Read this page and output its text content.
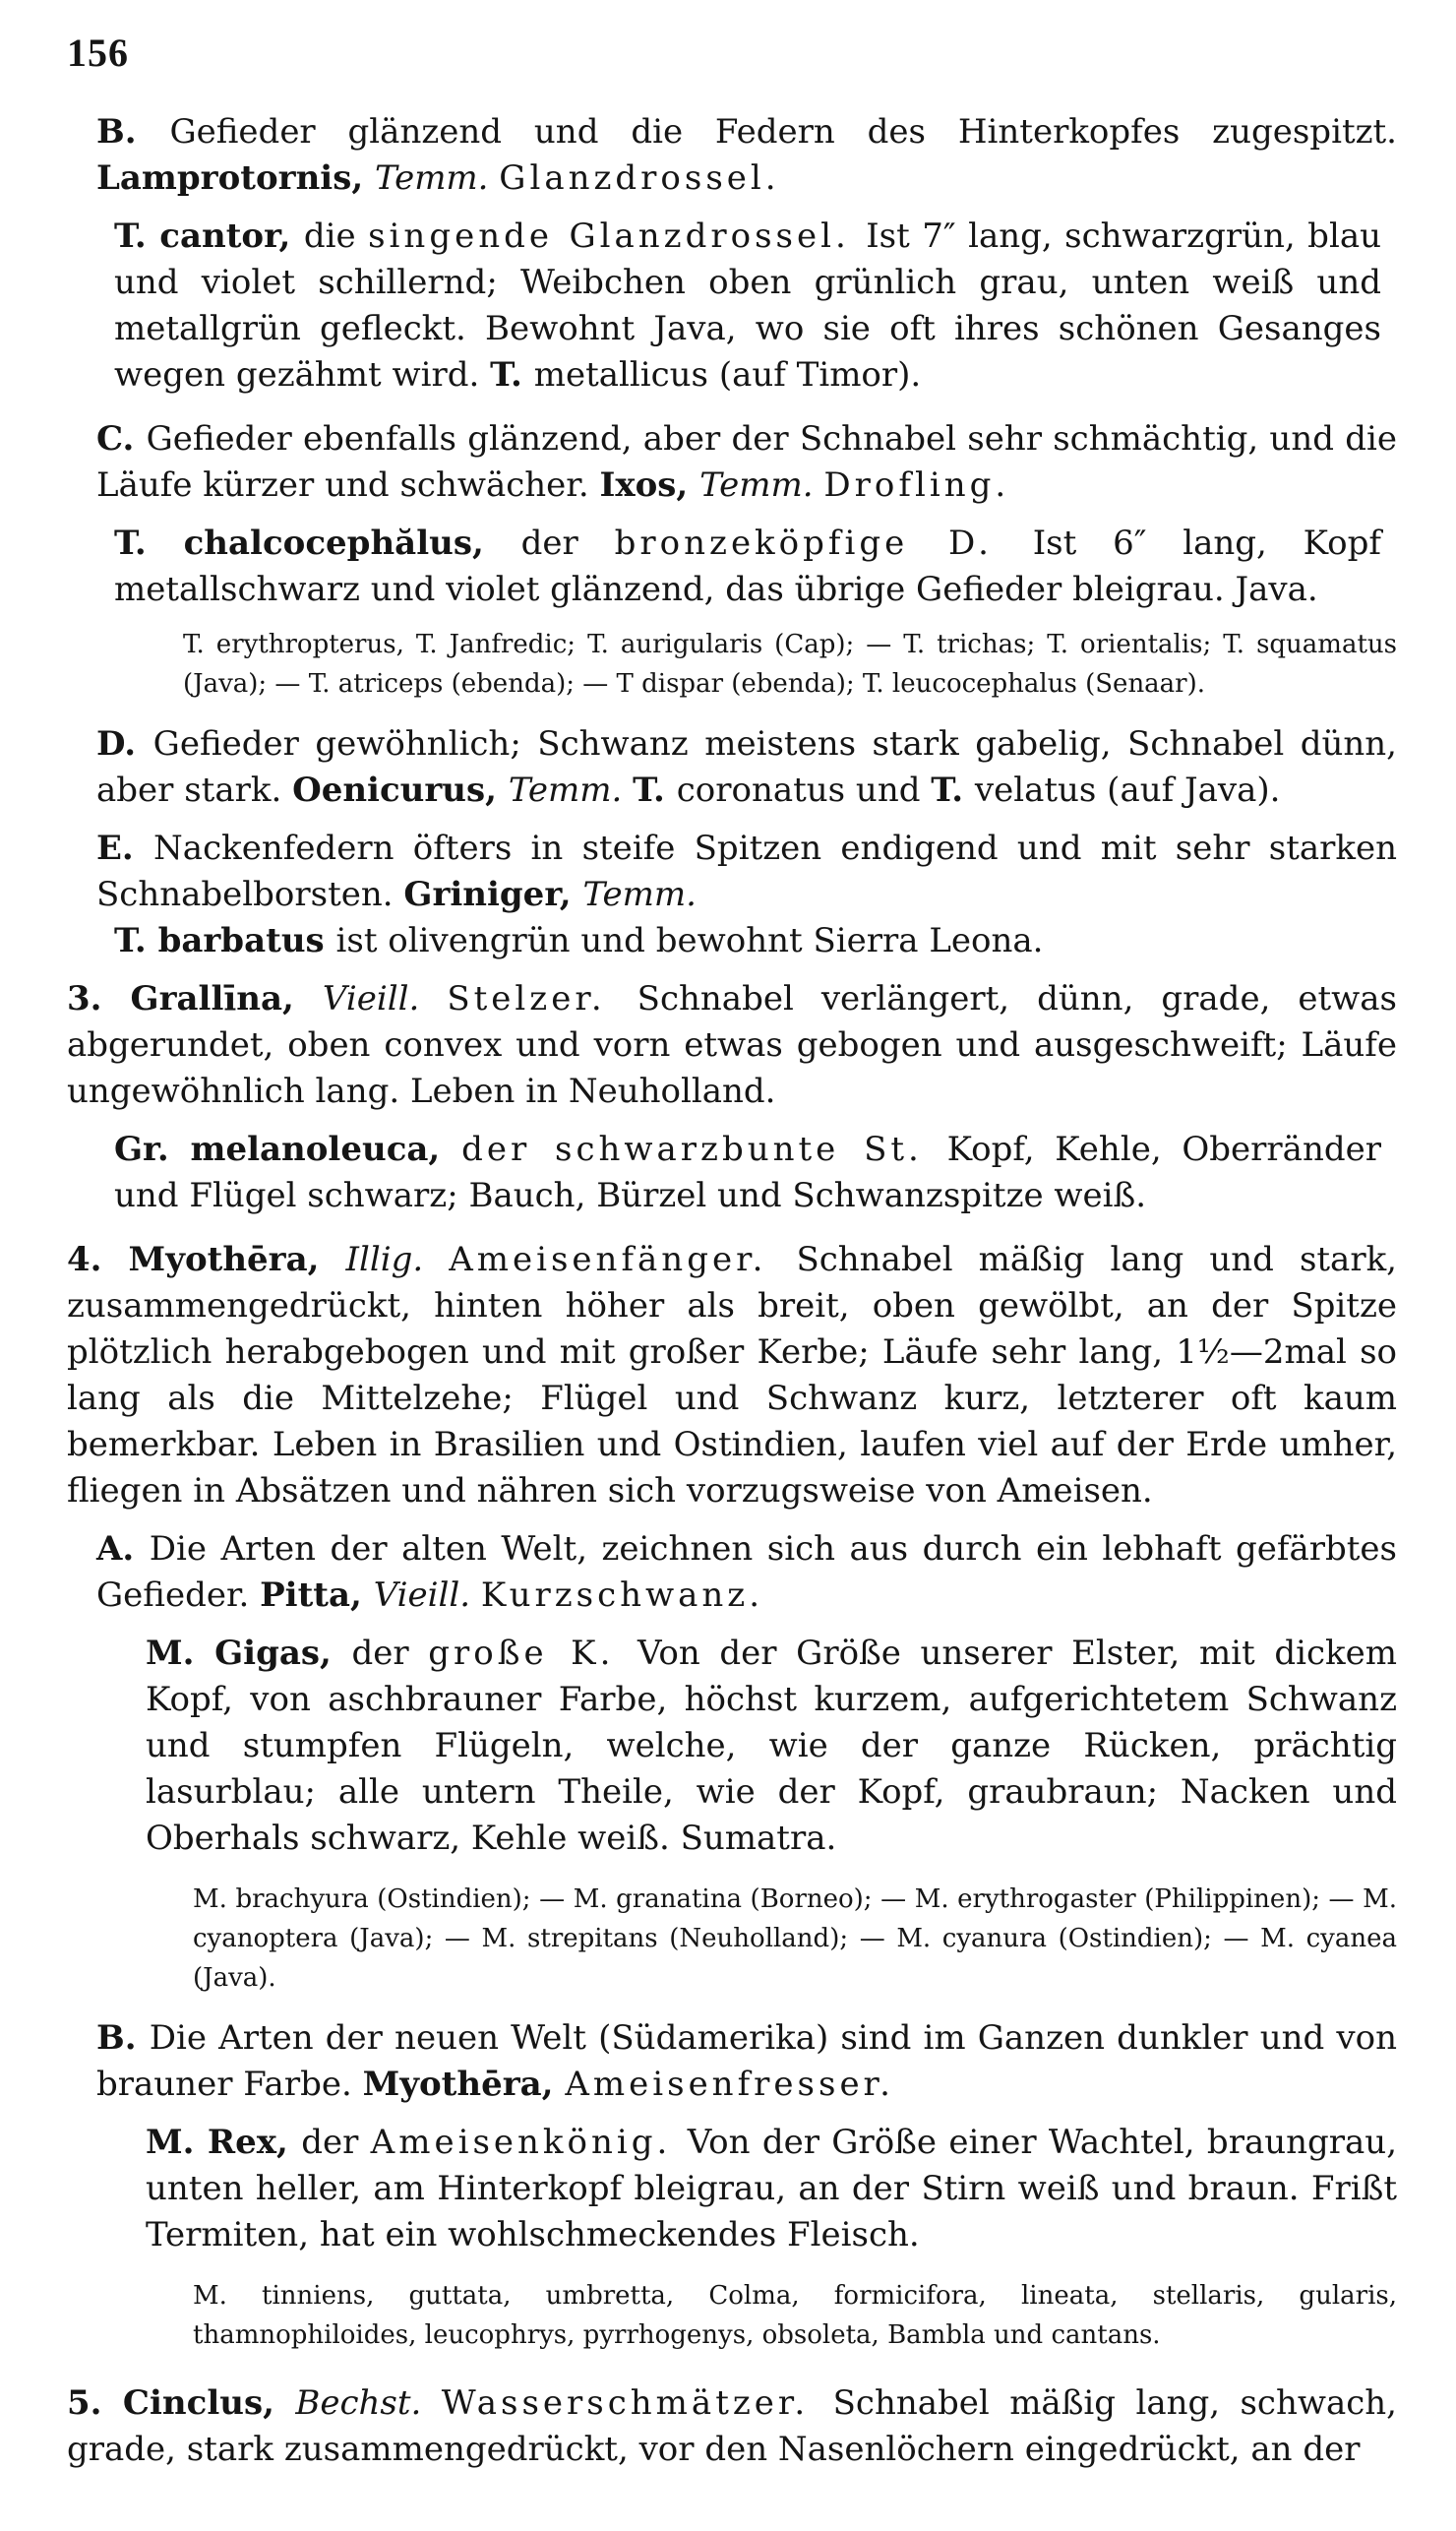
156

B. Gefieder glänzend und die Federn des Hinterkopfes zugespitzt. Lamprotornis, Temm. Glanzdrossel.

T. cantor, die singende Glanzdrossel. Ist 7″ lang, schwarzgrün, blau und violet schillernd; Weibchen oben grünlich grau, unten weiß und metallgrün gefleckt. Bewohnt Java, wo sie oft ihres schönen Gesanges wegen gezähmt wird. T. metallicus (auf Timor).

C. Gefieder ebenfalls glänzend, aber der Schnabel sehr schmächtig, und die Läufe kürzer und schwächer. Ixos, Temm. Drofling.

T. chalcocephălus, der bronzeköpfige D. Ist 6″ lang, Kopf metallschwarz und violet glänzend, das übrige Gefieder bleigrau. Java.

T. erythropterus, T. Janfredic; T. aurigularis (Cap); — T. trichas; T. orientalis; T. squamatus (Java); — T. atriceps (ebenda); — T dispar (ebenda); T. leucocephalus (Senaar).

D. Gefieder gewöhnlich; Schwanz meistens stark gabelig, Schnabel dünn, aber stark. Oenicurus, Temm. T. coronatus und T. velatus (auf Java).

E. Nackenfedern öfters in steife Spitzen endigend und mit sehr starken Schnabelborsten. Griniger, Temm.

T. barbatus ist olivengrün und bewohnt Sierra Leona.

3. Grallīna, Vieill. Stelzer. Schnabel verlängert, dünn, grade, etwas abgerundet, oben convex und vorn etwas gebogen und ausgeschweift; Läufe ungewöhnlich lang. Leben in Neuholland.

Gr. melanoleuca, der schwarzbunte St. Kopf, Kehle, Oberränder und Flügel schwarz; Bauch, Bürzel und Schwanzspitze weiß.

4. Myothēra, Illig. Ameisenfänger. Schnabel mäßig lang und stark, zusammengedrückt, hinten höher als breit, oben gewölbt, an der Spitze plötzlich herabgebogen und mit großer Kerbe; Läufe sehr lang, 1½—2mal so lang als die Mittelzehe; Flügel und Schwanz kurz, letzterer oft kaum bemerkbar. Leben in Brasilien und Ostindien, laufen viel auf der Erde umher, fliegen in Absätzen und nähren sich vorzugsweise von Ameisen.

A. Die Arten der alten Welt, zeichnen sich aus durch ein lebhaft gefärbtes Gefieder. Pitta, Vieill. Kurzschwanz.

M. Gigas, der große K. Von der Größe unserer Elster, mit dickem Kopf, von aschbrauner Farbe, höchst kurzem, aufgerichtetem Schwanz und stumpfen Flügeln, welche, wie der ganze Rücken, prächtig lasurblau; alle untern Theile, wie der Kopf, graubraun; Nacken und Oberhals schwarz, Kehle weiß. Sumatra.

M. brachyura (Ostindien); — M. granatina (Borneo); — M. erythrogaster (Philippinen); — M. cyanoptera (Java); — M. strepitans (Neuholland); — M. cyanura (Ostindien); — M. cyanea (Java).

B. Die Arten der neuen Welt (Südamerika) sind im Ganzen dunkler und von brauner Farbe. Myothēra, Ameisenfresser.

M. Rex, der Ameisenkönig. Von der Größe einer Wachtel, braungrau, unten heller, am Hinterkopf bleigrau, an der Stirn weiß und braun. Frißt Termiten, hat ein wohlschmeckendes Fleisch.

M. tinniens, guttata, umbretta, Colma, formicifora, lineata, stellaris, gularis, thamnophiloides, leucophrys, pyrrhogenys, obsoleta, Bambla und cantans.

5. Cinclus, Bechst. Wasserschmätzer. Schnabel mäßig lang, schwach, grade, stark zusammengedrückt, vor den Nasenlöchern eingedrückt, an der
